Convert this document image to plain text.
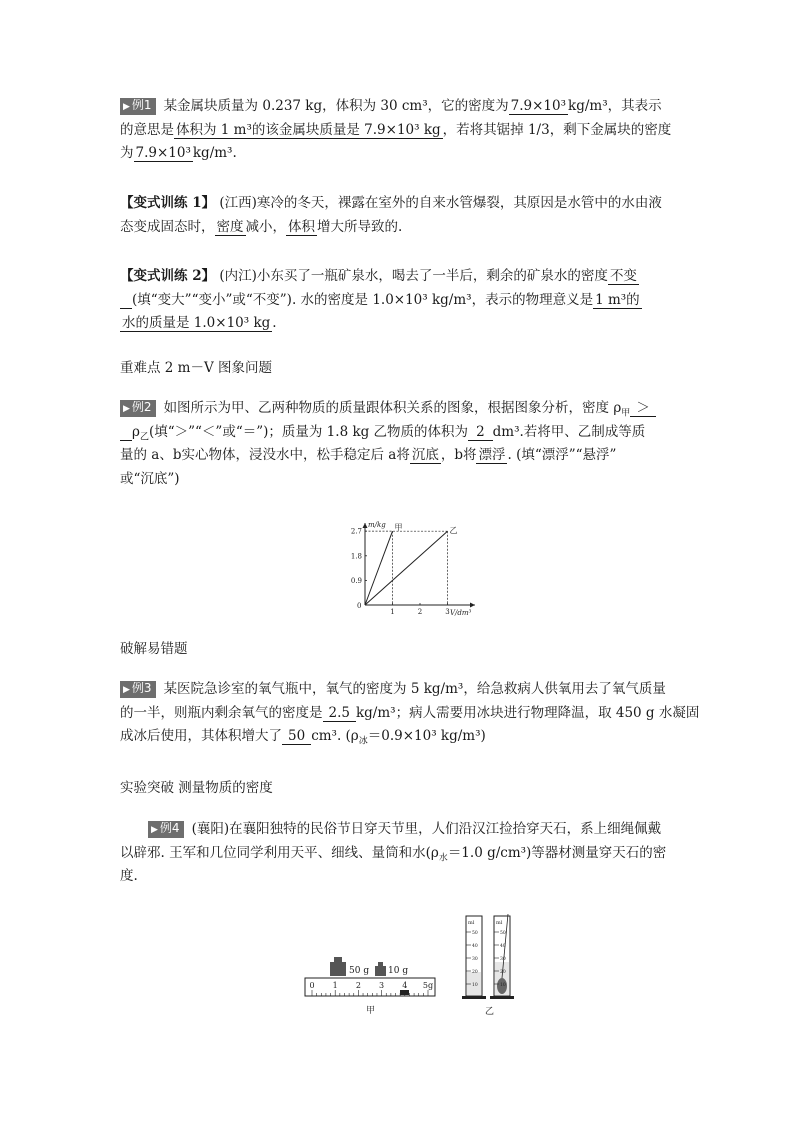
▶ 例1 某金属块质量为 0.237 kg，体积为 30 cm³，它的密度为 7.9×10³ kg/m³，其表示
的意思是 体积为 1 m³的该金属块质量是 7.9×10³ kg ，若将其锯掉 1/3，剩下金属块的密度
为 7.9×10³ kg/m³.
【变式训练 1】 (江西)寒冷的冬天，裸露在室外的自来水管爆裂，其原因是水管中的水由液
态变成固态时， 密度 减小， 体积 增大所导致的.
【变式训练 2】 (内江)小东买了一瓶矿泉水，喝去了一半后，剩余的矿泉水的密度 不变
(填“变大”“变小”或“不变”). 水的密度是 1.0×10³ kg/m³，表示的物理意义是 1 m³的
水的质量是 1.0×10³ kg .
重难点 2 m－V 图象问题
▶ 例2 如图所示为甲、乙两种物质的质量跟体积关系的图象，根据图象分析，密度 $\rho_甲$ ＞
$\rho_乙$(填“＞”“＜”或“＝”)；质量为 1.8 kg 乙物质的体积为 2 dm³.若将甲、乙制成等质
量的 a、b实心物体，浸没水中，松手稳定后 a将 沉底 ，b将 漂浮 . (填“漂浮”“悬浮”
或“沉底”)
m/kg
V/dm³
0
0.9
1.8
2.7
1	2	3
甲	乙
破解易错题
▶ 例3 某医院急诊室的氧气瓶中，氧气的密度为 5 kg/m³，给急救病人供氧用去了氧气质量
的一半，则瓶内剩余氧气的密度是 2.5 kg/m³；病人需要用冰块进行物理降温，取 450 g 水凝固
成冰后使用，其体积增大了 50 cm³. ($\rho_冰=0.9\times 10^3$ kg/m³)
实验突破 测量物质的密度
▶ 例4 (襄阳)在襄阳独特的民俗节日穿天节里，人们沿汉江捡拾穿天石，系上细绳佩戴
以辟邪. 王军和几位同学利用天平、细线、量筒和水($\rho_水=1.0$ g/cm³)等器材测量穿天石的密
度.
50 g 10 g
0 1 2 3 4 5g
甲
ml	ml
50
40
30
20
10
50
40
30
20
10
乙
